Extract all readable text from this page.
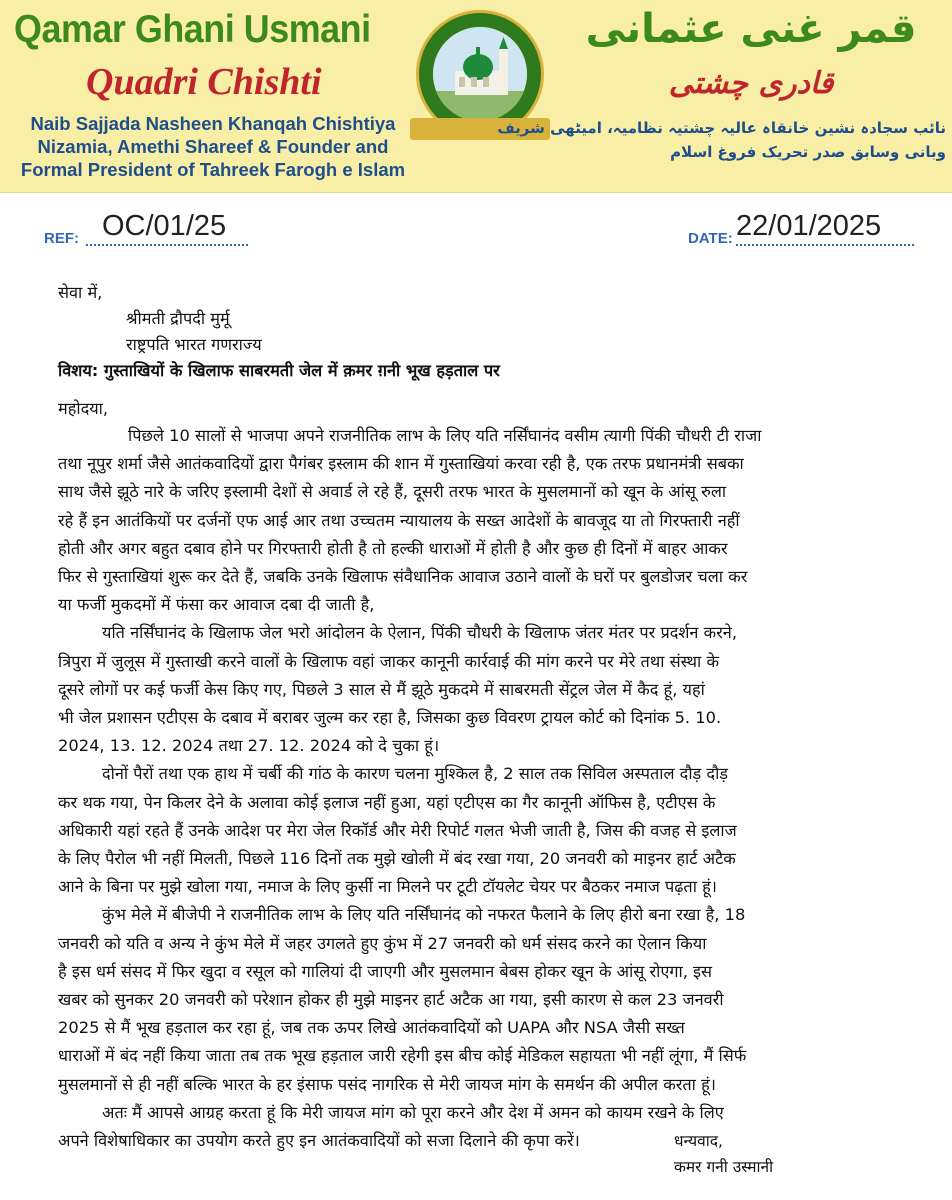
Qamar Ghani Usmani
Quadri Chishti
Naib Sajjada Nasheen Khanqah Chishtiya
Nizamia, Amethi Shareef & Founder and
Formal President of Tahreek Farogh e Islam
قمر غنی عثمانی
قادری چشتی
نائب سجادہ نشین خانقاہ عالیہ چشتیہ نظامیہ، امیٹھی شریف
وبانی وسابق صدر تحریک فروغ اسلام
REF: OC/01/25	DATE: 22/01/2025
सेवा में,
श्रीमती द्रौपदी मुर्मू
राष्ट्रपति भारत गणराज्य
विशय: गुस्ताखियों के खिलाफ साबरमती जेल में क़मर ग़नी भूख हड़ताल पर
महोदया,
पिछले 10 सालों से भाजपा अपने राजनीतिक लाभ के लिए यति नर्सिंघानंद वसीम त्यागी पिंकी चौधरी टी राजा
तथा नूपुर शर्मा जैसे आतंकवादियों द्वारा पैगंबर इस्लाम की शान में गुस्ताखियां करवा रही है, एक तरफ प्रधानमंत्री सबका
साथ जैसे झूठे नारे के जरिए इस्लामी देशों से अवार्ड ले रहे हैं, दूसरी तरफ भारत के मुसलमानों को खून के आंसू रुला
रहे हैं इन आतंकियों पर दर्जनों एफ आई आर तथा उच्चतम न्यायालय के सख्त आदेशों के बावजूद या तो गिरफ्तारी नहीं
होती और अगर बहुत दबाव होने पर गिरफ्तारी होती है तो हल्की धाराओं में होती है और कुछ ही दिनों में बाहर आकर
फिर से गुस्ताखियां शुरू कर देते हैं, जबकि उनके खिलाफ संवैधानिक आवाज उठाने वालों के घरों पर बुलडोजर चला कर
या फर्जी मुकदमों में फंसा कर आवाज दबा दी जाती है,
यति नर्सिंघानंद के खिलाफ जेल भरो आंदोलन के ऐलान, पिंकी चौधरी के खिलाफ जंतर मंतर पर प्रदर्शन करने,
त्रिपुरा में जुलूस में गुस्ताखी करने वालों के खिलाफ वहां जाकर कानूनी कार्रवाई की मांग करने पर मेरे तथा संस्था के
दूसरे लोगों पर कई फर्जी केस किए गए, पिछले 3 साल से मैं झूठे मुकदमे में साबरमती सेंट्रल जेल में कैद हूं, यहां
भी जेल प्रशासन एटीएस के दबाव में बराबर जुल्म कर रहा है, जिसका कुछ विवरण ट्रायल कोर्ट को दिनांक 5. 10.
2024, 13. 12. 2024 तथा 27. 12. 2024 को दे चुका हूं।
दोनों पैरों तथा एक हाथ में चर्बी की गांठ के कारण चलना मुश्किल है, 2 साल तक सिविल अस्पताल दौड़ दौड़
कर थक गया, पेन किलर देने के अलावा कोई इलाज नहीं हुआ, यहां एटीएस का गैर कानूनी ऑफिस है, एटीएस के
अधिकारी यहां रहते हैं उनके आदेश पर मेरा जेल रिकॉर्ड और मेरी रिपोर्ट गलत भेजी जाती है, जिस की वजह से इलाज
के लिए पैरोल भी नहीं मिलती, पिछले 116 दिनों तक मुझे खोली में बंद रखा गया, 20 जनवरी को माइनर हार्ट अटैक
आने के बिना पर मुझे खोला गया, नमाज के लिए कुर्सी ना मिलने पर टूटी टॉयलेट चेयर पर बैठकर नमाज पढ़ता हूं।
कुंभ मेले में बीजेपी ने राजनीतिक लाभ के लिए यति नर्सिंघानंद को नफरत फैलाने के लिए हीरो बना रखा है, 18
जनवरी को यति व अन्य ने कुंभ मेले में जहर उगलते हुए कुंभ में 27 जनवरी को धर्म संसद करने का ऐलान किया
है इस धर्म संसद में फिर खुदा व रसूल को गालियां दी जाएगी और मुसलमान बेबस होकर खून के आंसू रोएगा, इस
खबर को सुनकर 20 जनवरी को परेशान होकर ही मुझे माइनर हार्ट अटैक आ गया, इसी कारण से कल 23 जनवरी
2025 से मैं भूख हड़ताल कर रहा हूं, जब तक ऊपर लिखे आतंकवादियों को UAPA और NSA जैसी सख्त
धाराओं में बंद नहीं किया जाता तब तक भूख हड़ताल जारी रहेगी इस बीच कोई मेडिकल सहायता भी नहीं लूंगा, मैं सिर्फ
मुसलमानों से ही नहीं बल्कि भारत के हर इंसाफ पसंद नागरिक से मेरी जायज मांग के समर्थन की अपील करता हूं।
अतः मैं आपसे आग्रह करता हूं कि मेरी जायज मांग को पूरा करने और देश में अमन को कायम रखने के लिए
अपने विशेषाधिकार का उपयोग करते हुए इन आतंकवादियों को सजा दिलाने की कृपा करें।	धन्यवाद,
कमर गनी उस्मानी
